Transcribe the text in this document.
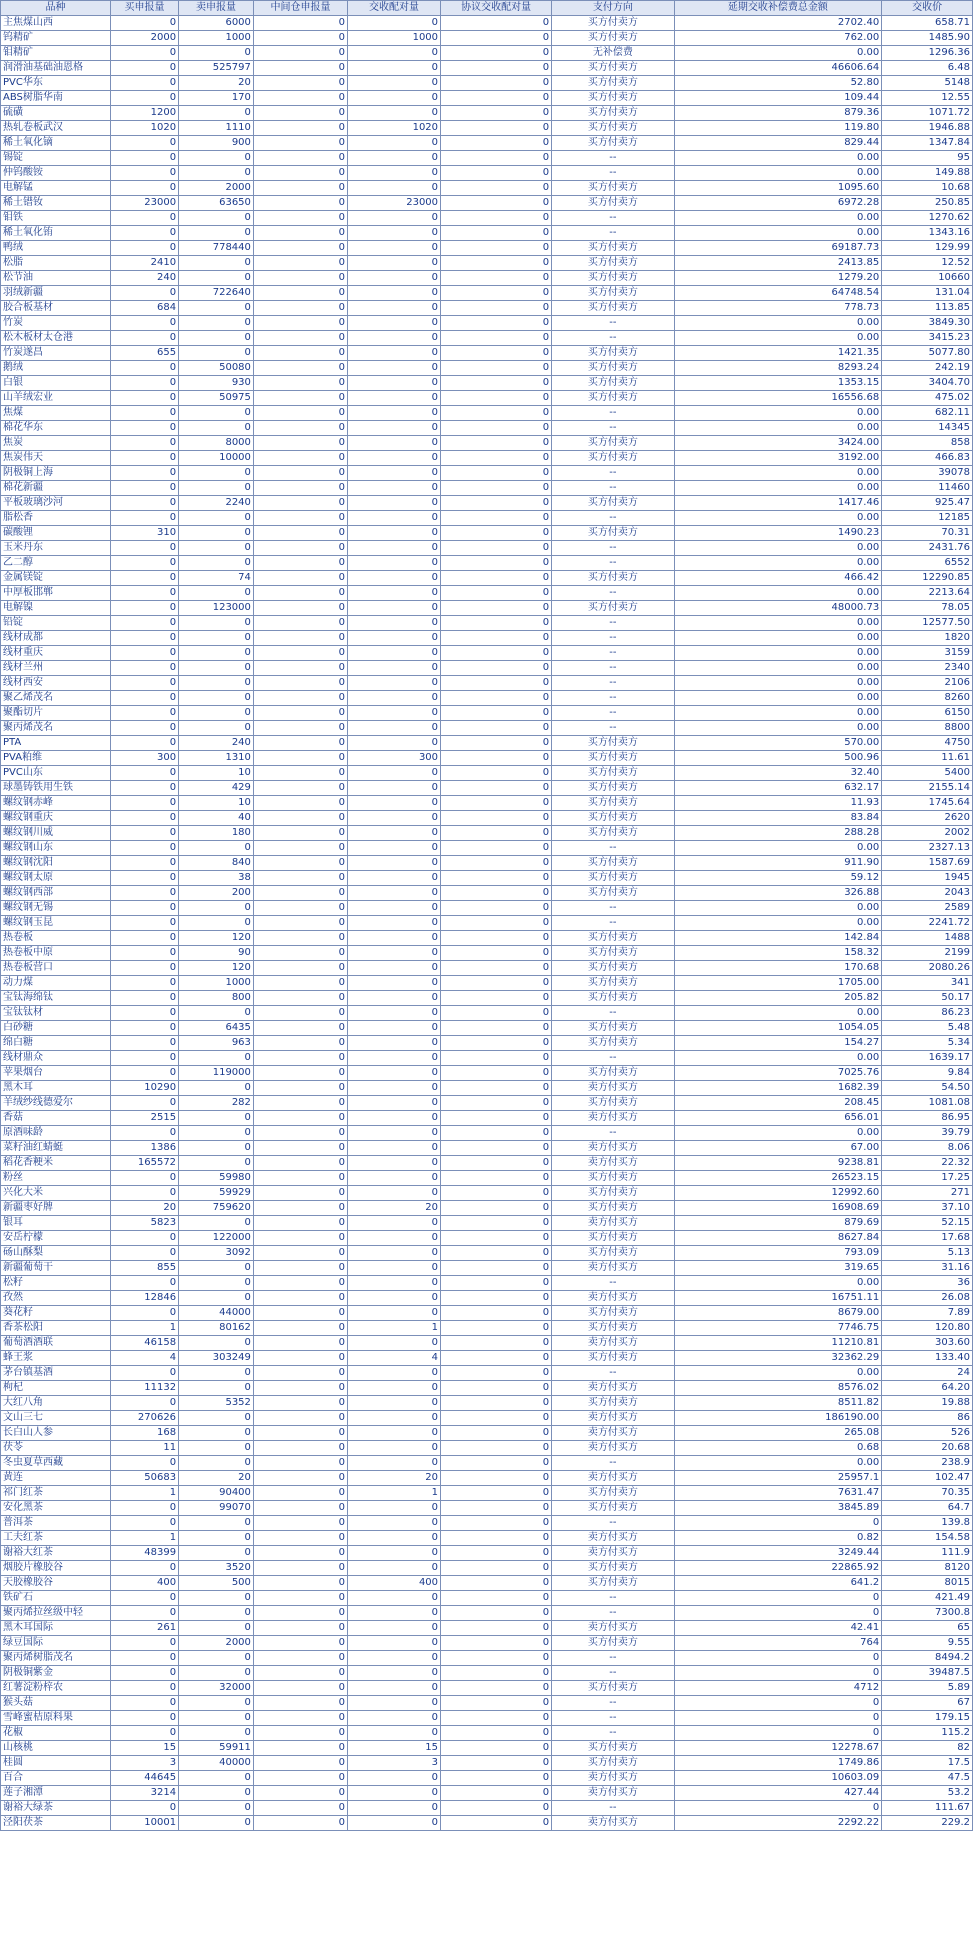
品种	买申报量	卖申报量	中间仓申报量	交收配对量	协议交收配对量	支付方向	延期交收补偿费总金额	交收价
主焦煤山西	0	6000	0	0	0	买方付卖方	2702.40	658.71
钨精矿	2000	1000	0	1000	0	买方付卖方	762.00	1485.90
钼精矿	0	0	0	0	0	无补偿费	0.00	1296.36
润滑油基础油恩格	0	525797	0	0	0	买方付卖方	46606.64	6.48
PVC华东	0	20	0	0	0	买方付卖方	52.80	5148
ABS树脂华南	0	170	0	0	0	买方付卖方	109.44	12.55
硫磺	1200	0	0	0	0	买方付卖方	879.36	1071.72
热轧卷板武汉	1020	1110	0	1020	0	买方付卖方	119.80	1946.88
稀土氧化镝	0	900	0	0	0	买方付卖方	829.44	1347.84
锡锭	0	0	0	0	0	--	0.00	95
仲钨酸铵	0	0	0	0	0	--	0.00	149.88
电解锰	0	2000	0	0	0	买方付卖方	1095.60	10.68
稀土镨钕	23000	63650	0	23000	0	买方付卖方	6972.28	250.85
钼铁	0	0	0	0	0	--	0.00	1270.62
稀土氧化铕	0	0	0	0	0	--	0.00	1343.16
鸭绒	0	778440	0	0	0	买方付卖方	69187.73	129.99
松脂	2410	0	0	0	0	买方付卖方	2413.85	12.52
松节油	240	0	0	0	0	买方付卖方	1279.20	10660
羽绒新疆	0	722640	0	0	0	买方付卖方	64748.54	131.04
胶合板基材	684	0	0	0	0	买方付卖方	778.73	113.85
竹炭	0	0	0	0	0	--	0.00	3849.30
松木板材太仓港	0	0	0	0	0	--	0.00	3415.23
竹炭遂昌	655	0	0	0	0	买方付卖方	1421.35	5077.80
鹅绒	0	50080	0	0	0	买方付卖方	8293.24	242.19
白银	0	930	0	0	0	买方付卖方	1353.15	3404.70
山羊绒宏业	0	50975	0	0	0	买方付卖方	16556.68	475.02
焦煤	0	0	0	0	0	--	0.00	682.11
棉花华东	0	0	0	0	0	--	0.00	14345
焦炭	0	8000	0	0	0	买方付卖方	3424.00	858
焦炭伟天	0	10000	0	0	0	买方付卖方	3192.00	466.83
阴极铜上海	0	0	0	0	0	--	0.00	39078
棉花新疆	0	0	0	0	0	--	0.00	11460
平板玻璃沙河	0	2240	0	0	0	买方付卖方	1417.46	925.47
脂松香	0	0	0	0	0	--	0.00	12185
碳酸锂	310	0	0	0	0	买方付卖方	1490.23	70.31
玉米丹东	0	0	0	0	0	--	0.00	2431.76
乙二醇	0	0	0	0	0	--	0.00	6552
金属镁锭	0	74	0	0	0	买方付卖方	466.42	12290.85
中厚板邯郸	0	0	0	0	0	--	0.00	2213.64
电解镍	0	123000	0	0	0	买方付卖方	48000.73	78.05
铅锭	0	0	0	0	0	--	0.00	12577.50
线材成都	0	0	0	0	0	--	0.00	1820
线材重庆	0	0	0	0	0	--	0.00	3159
线材兰州	0	0	0	0	0	--	0.00	2340
线材西安	0	0	0	0	0	--	0.00	2106
聚乙烯茂名	0	0	0	0	0	--	0.00	8260
聚酯切片	0	0	0	0	0	--	0.00	6150
聚丙烯茂名	0	0	0	0	0	--	0.00	8800
PTA	0	240	0	0	0	买方付卖方	570.00	4750
PVA粕维	300	1310	0	300	0	买方付卖方	500.96	11.61
PVC山东	0	10	0	0	0	买方付卖方	32.40	5400
球墨铸铁用生铁	0	429	0	0	0	买方付卖方	632.17	2155.14
螺纹钢赤峰	0	10	0	0	0	买方付卖方	11.93	1745.64
螺纹钢重庆	0	40	0	0	0	买方付卖方	83.84	2620
螺纹钢川威	0	180	0	0	0	买方付卖方	288.28	2002
螺纹钢山东	0	0	0	0	0	--	0.00	2327.13
螺纹钢沈阳	0	840	0	0	0	买方付卖方	911.90	1587.69
螺纹钢太原	0	38	0	0	0	买方付卖方	59.12	1945
螺纹钢西部	0	200	0	0	0	买方付卖方	326.88	2043
螺纹钢无锡	0	0	0	0	0	--	0.00	2589
螺纹钢玉昆	0	0	0	0	0	--	0.00	2241.72
热卷板	0	120	0	0	0	买方付卖方	142.84	1488
热卷板中原	0	90	0	0	0	买方付卖方	158.32	2199
热卷板营口	0	120	0	0	0	买方付卖方	170.68	2080.26
动力煤	0	1000	0	0	0	买方付卖方	1705.00	341
宝钛海绵钛	0	800	0	0	0	买方付卖方	205.82	50.17
宝钛钛材	0	0	0	0	0	--	0.00	86.23
白砂糖	0	6435	0	0	0	买方付卖方	1054.05	5.48
绵白糖	0	963	0	0	0	买方付卖方	154.27	5.34
线材鼎众	0	0	0	0	0	--	0.00	1639.17
苹果烟台	0	119000	0	0	0	买方付卖方	7025.76	9.84
黑木耳	10290	0	0	0	0	卖方付买方	1682.39	54.50
羊绒纱线德爱尔	0	282	0	0	0	买方付卖方	208.45	1081.08
香菇	2515	0	0	0	0	卖方付买方	656.01	86.95
原酒味龄	0	0	0	0	0	--	0.00	39.79
菜籽油红蜻蜓	1386	0	0	0	0	卖方付买方	67.00	8.06
稻花香粳米	165572	0	0	0	0	卖方付买方	9238.81	22.32
粉丝	0	59980	0	0	0	买方付卖方	26523.15	17.25
兴化大米	0	59929	0	0	0	买方付卖方	12992.60	271
新疆枣好牌	20	759620	0	20	0	买方付卖方	16908.69	37.10
银耳	5823	0	0	0	0	卖方付买方	879.69	52.15
安岳柠檬	0	122000	0	0	0	买方付卖方	8627.84	17.68
砀山酥梨	0	3092	0	0	0	买方付卖方	793.09	5.13
新疆葡萄干	855	0	0	0	0	卖方付买方	319.65	31.16
松籽	0	0	0	0	0	--	0.00	36
孜然	12846	0	0	0	0	卖方付买方	16751.11	26.08
葵花籽	0	44000	0	0	0	买方付卖方	8679.00	7.89
香茶松阳	1	80162	0	1	0	买方付卖方	7746.75	120.80
葡萄酒酒联	46158	0	0	0	0	卖方付买方	11210.81	303.60
蜂王浆	4	303249	0	4	0	买方付卖方	32362.29	133.40
茅台镇基酒	0	0	0	0	0	--	0.00	24
枸杞	11132	0	0	0	0	卖方付买方	8576.02	64.20
大红八角	0	5352	0	0	0	买方付卖方	8511.82	19.88
文山三七	270626	0	0	0	0	卖方付买方	186190.00	86
长白山人参	168	0	0	0	0	卖方付买方	265.08	526
茯苓	11	0	0	0	0	卖方付买方	0.68	20.68
冬虫夏草西藏	0	0	0	0	0	--	0.00	238.9
黄连	50683	20	0	20	0	卖方付买方	25957.1	102.47
祁门红茶	1	90400	0	1	0	买方付卖方	7631.47	70.35
安化黑茶	0	99070	0	0	0	买方付卖方	3845.89	64.7
普洱茶	0	0	0	0	0	--	0	139.8
工夫红茶	1	0	0	0	0	卖方付买方	0.82	154.58
谢裕大红茶	48399	0	0	0	0	卖方付买方	3249.44	111.9
烟胶片橡胶谷	0	3520	0	0	0	买方付卖方	22865.92	8120
天胶橡胶谷	400	500	0	400	0	买方付卖方	641.2	8015
铁矿石	0	0	0	0	0	--	0	421.49
聚丙烯拉丝级中轻	0	0	0	0	0	--	0	7300.8
黑木耳国际	261	0	0	0	0	卖方付买方	42.41	65
绿豆国际	0	2000	0	0	0	买方付卖方	764	9.55
聚丙烯树脂茂名	0	0	0	0	0	--	0	8494.2
阴极铜紫金	0	0	0	0	0	--	0	39487.5
红薯淀粉梓农	0	32000	0	0	0	买方付卖方	4712	5.89
猴头菇	0	0	0	0	0	--	0	67
雪峰蜜桔原料果	0	0	0	0	0	--	0	179.15
花椒	0	0	0	0	0	--	0	115.2
山核桃	15	59911	0	15	0	买方付卖方	12278.67	82
桂圆	3	40000	0	3	0	买方付卖方	1749.86	17.5
百合	44645	0	0	0	0	卖方付买方	10603.09	47.5
莲子湘潭	3214	0	0	0	0	卖方付买方	427.44	53.2
谢裕大绿茶	0	0	0	0	0	--	0	111.67
泾阳茯茶	10001	0	0	0	0	卖方付买方	2292.22	229.2
